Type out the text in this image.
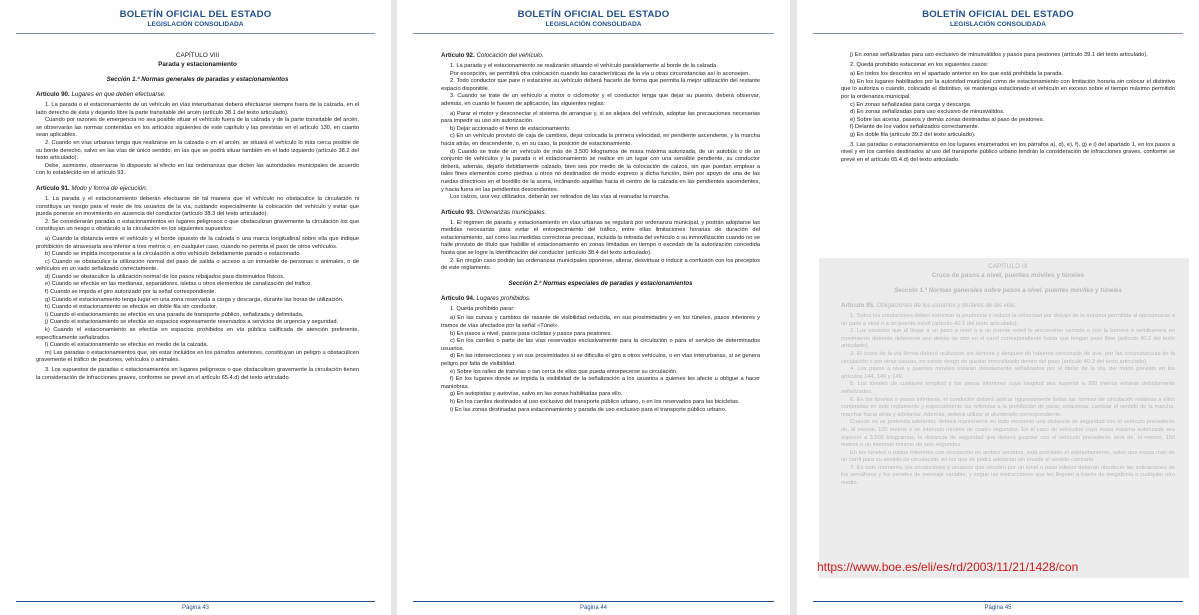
BOLETÍN OFICIAL DEL ESTADO
LEGISLACIÓN CONSOLIDADA
CAPÍTULO VIII
Parada y estacionamiento
Sección 1.ª Normas generales de paradas y estacionamientos
Artículo 90. Lugares en que deben efectuarse.

1. La parada o el estacionamiento de un vehículo en vías interurbanas deberá efectuarse siempre fuera de la calzada, en el lado derecho de ésta y dejando libre la parte transitable del arcén (artículo 38.1 del texto articulado).

Cuando por razones de emergencia no sea posible situar el vehículo fuera de la calzada y de la parte transitable del arcén, se observarán las normas contenidas en los artículos siguientes de este capítulo y las previstas en el artículo 130, en cuanto sean aplicables.

2. Cuando en vías urbanas tenga que realizarse en la calzada o en el arcén, se situará el vehículo lo más cerca posible de su borde derecho, salvo en las vías de único sentido, en las que se podrá situar también en el lado izquierdo (artículo 38.2 del texto articulado).

Debe, asimismo, observarse lo dispuesto al efecto en las ordenanzas que dicten las autoridades municipales de acuerdo con lo establecido en el artículo 93.

Artículo 91. Modo y forma de ejecución.

1. La parada y el estacionamiento deberán efectuarse de tal manera que el vehículo no obstaculice la circulación ni constituya un riesgo para el resto de los usuarios de la vía, cuidando especialmente la colocación del vehículo y evitar que pueda ponerse en movimiento en ausencia del conductor (artículo 38.3 del texto articulado).

2. Se considerarán paradas o estacionamientos en lugares peligrosos o que obstaculizan gravemente la circulación los que constituyan un riesgo u obstáculo a la circulación en los siguientes supuestos:

a) Cuando la distancia entre el vehículo y el borde opuesto de la calzada o una marca longitudinal sobre ella que indique prohibición de atravesarla sea inferior a tres metros o, en cualquier caso, cuando no permita el paso de otros vehículos.

b) Cuando se impida incorporarse a la circulación a otro vehículo debidamente parado o estacionado.

c) Cuando se obstaculice la utilización normal del paso de salida o acceso a un inmueble de personas o animales, o de vehículos en un vado señalizado correctamente.

d) Cuando se obstaculice la utilización normal de los pasos rebajados para disminuidos físicos.

e) Cuando se efectúe en las medianas, separadores, isletas u otros elementos de canalización del tráfico.

f) Cuando se impida el giro autorizado por la señal correspondiente.

g) Cuando el estacionamiento tenga lugar en una zona reservada a carga y descarga, durante las horas de utilización.

h) Cuando el estacionamiento se efectúe en doble fila sin conductor.

i) Cuando el estacionamiento se efectúe en una parada de transporte público, señalizada y delimitada.

j) Cuando el estacionamiento se efectúe en espacios expresamente reservados a servicios de urgencia y seguridad.

k) Cuando el estacionamiento se efectúe en espacios prohibidos en vía pública calificada de atención preferente, específicamente señalizados.

l) Cuando el estacionamiento se efectúe en medio de la calzada.

m) Las paradas o estacionamientos que, sin estar incluidos en los párrafos anteriores, constituyan un peligro u obstaculicen gravemente el tráfico de peatones, vehículos o animales.

3. Los supuestos de paradas o estacionamientos en lugares peligrosos o que obstaculicen gravemente la circulación tienen la consideración de infracciones graves, conforme se prevé en el artículo 65.4.d) del texto articulado.

Página 43
BOLETÍN OFICIAL DEL ESTADO
LEGISLACIÓN CONSOLIDADA
Artículo 92. Colocación del vehículo.

1. La parada y el estacionamiento se realizarán situando el vehículo paralelamente al borde de la calzada.

Por excepción, se permitirá otra colocación cuando las características de la vía u otras circunstancias así lo aconsejen.

2. Todo conductor que pare o estacione su vehículo deberá hacerlo de forma que permita la mejor utilización del restante espacio disponible.

3. Cuando se trate de un vehículo a motor o ciclomotor y el conductor tenga que dejar su puesto, deberá observar, además, en cuanto le fuesen de aplicación, las siguientes reglas:

a) Parar el motor y desconectar el sistema de arranque y, si se alejara del vehículo, adoptar las precauciones necesarias para impedir su uso sin autorización.

b) Dejar accionado el freno de estacionamiento.

c) En un vehículo provisto de caja de cambios, dejar colocada la primera velocidad, en pendiente ascendente, y la marcha hacia atrás, en descendente, o, en su caso, la posición de estacionamiento.

d) Cuando se trate de un vehículo de más de 3.500 kilogramos de masa máxima autorizada, de un autobús o de un conjunto de vehículos y la parada o el estacionamiento se realice en un lugar con una sensible pendiente, su conductor deberá, además, dejarlo debidamente calzado, bien sea por medio de la colocación de calzos, sin que puedan emplear a tales fines elementos como piedras u otros no destinados de modo expreso a dicha función, bien por apoyo de una de las ruedas directrices en el bordillo de la acera, inclinando aquéllas hacia el centro de la calzada en las pendientes ascendentes, y hacia fuera en las pendientes descendentes.

Los calzos, una vez utilizados, deberán ser retirados de las vías al reanudar la marcha.

Artículo 93. Ordenanzas municipales.

1. El régimen de parada y estacionamiento en vías urbanas se regulará por ordenanza municipal, y podrán adoptarse las medidas necesarias para evitar el entorpecimiento del tráfico, entre ellas limitaciones horarias de duración del estacionamiento, así como las medidas correctoras precisas, incluida la retirada del vehículo o su inmovilización cuando no se halle provisto de título que habilite el estacionamiento en zonas limitadas en tiempo o excedan de la autorización concedida hasta que se logre la identificación del conductor (artículo 38.4 del texto articulado).

2. En ningún caso podrán las ordenanzas municipales oponerse, alterar, desvirtuar o inducir a confusión con los preceptos de este reglamento.

Sección 2.ª Normas especiales de paradas y estacionamientos
Artículo 94. Lugares prohibidos.

1. Queda prohibido parar:

a) En las curvas y cambios de rasante de visibilidad reducida, en sus proximidades y en los túneles, pasos inferiores y tramos de vías afectados por la señal «Túnel».

b) En pasos a nivel, pasos para ciclistas y pasos para peatones.

c) En los carriles o parte de las vías reservados exclusivamente para la circulación o para el servicio de determinados usuarios.

d) En las intersecciones y en sus proximidades si se dificulta el giro a otros vehículos, o en vías interurbanas, si se genera peligro por falta de visibilidad.

e) Sobre los raíles de tranvías o tan cerca de ellos que pueda entorpecerse su circulación.

f) En los lugares donde se impida la visibilidad de la señalización a los usuarios a quienes les afecte u obligue a hacer maniobras.

g) En autopistas y autovías, salvo en las zonas habilitadas para ello.

h) En los carriles destinados al uso exclusivo del transporte público urbano, o en los reservados para las bicicletas.

i) En las zonas destinadas para estacionamiento y parada de uso exclusivo para el transporte público urbano.

Página 44
BOLETÍN OFICIAL DEL ESTADO
LEGISLACIÓN CONSOLIDADA

j) En zonas señalizadas para uso exclusivo de minusválidos y pasos para peatones (artículo 39.1 del texto articulado).

2. Queda prohibido estacionar en los siguientes casos:

a) En todos los descritos en el apartado anterior en los que está prohibida la parada.

b) En los lugares habilitados por la autoridad municipal como de estacionamiento con limitación horaria sin colocar el distintivo que lo autoriza o cuando, colocado el distintivo, se mantenga estacionado el vehículo en exceso sobre el tiempo máximo permitido por la ordenanza municipal.

c) En zonas señalizadas para carga y descarga.

d) En zonas señalizadas para uso exclusivo de minusválidos.

e) Sobre las aceras, paseos y demás zonas destinadas al paso de peatones.

f) Delante de los vados señalizados correctamente.

g) En doble fila (artículo 39.2 del texto articulado).

3. Las paradas o estacionamientos en los lugares enumerados en los párrafos a), d), e), f), g) e i) del apartado 1, en los pasos a nivel y en los carriles destinados al uso del transporte público urbano tendrán la consideración de infracciones graves, conforme se prevé en el artículo 65.4.d) del texto articulado.

CAPÍTULO IX
Cruce de pasos a nivel, puentes móviles y túneles
Sección 1.ª Normas generales sobre pasos a nivel, puentes móviles y túneles
Artículo 95. Obligaciones de los usuarios y titulares de las vías.

1. Todos los conductores deben extremar la prudencia y reducir la velocidad por debajo de la máxima permitida al aproximarse a un paso a nivel o a un puente móvil (artículo 40.1 del texto articulado).

2. Los usuarios que al llegar a un paso a nivel o a un puente móvil lo encuentren cerrado o con la barrera o semibarrera en movimiento deberán detenerse uno detrás de otro en el carril correspondiente hasta que tengan paso libre (artículo 40.2 del texto articulado).

3. El cruce de la vía férrea deberá realizarse sin demora y después de haberse cerciorado de que, por las circunstancias de la circulación o por otras causas, no existe riesgo de quedar inmovilizado dentro del paso (artículo 40.3 del texto articulado).

4. Los pasos a nivel y puentes móviles estarán debidamente señalizados por el titular de la vía, del modo previsto en los artículos 144, 149 y 149.

5. Los túneles de cualquier longitud y los pasos inferiores cuya longitud sea superior a 200 metros estarán debidamente señalizados.

6. En los túneles o pasos inferiores, el conductor deberá aplicar rigurosamente todas las normas de circulación relativas a ellos contenidas en este reglamento y especialmente las referidas a la prohibición de parar, estacionar, cambiar el sentido de la marcha, marchar hacia atrás y adelantar. Además, deberá utilizar el alumbrado correspondiente.

Cuando no se pretenda adelantar, deberá mantenerse en todo momento una distancia de seguridad con el vehículo precedente de, al menos, 100 metros o un intervalo mínimo de cuatro segundos. En el caso de vehículos cuya masa máxima autorizada sea superior a 3.500 kilogramos, la distancia de seguridad que deberá guardar con el vehículo precedente será de, al menos, 150 metros o un intervalo mínimo de seis segundos.

En los túneles o pasos inferiores con circulación en ambos sentidos, está prohibido el adelantamiento, salvo que exista más de un carril para su sentido de circulación, en los que se podrá adelantar sin invadir el sentido contrario.

7. En todo momento, los conductores y usuarios que circulen por un túnel o paso inferior deberán obedecer las indicaciones de los semáforos y los paneles de mensaje variable, y seguir las instrucciones que les lleguen a través de megafonía o cualquier otro medio.

Página 45
https://www.boe.es/eli/es/rd/2003/11/21/1428/con
